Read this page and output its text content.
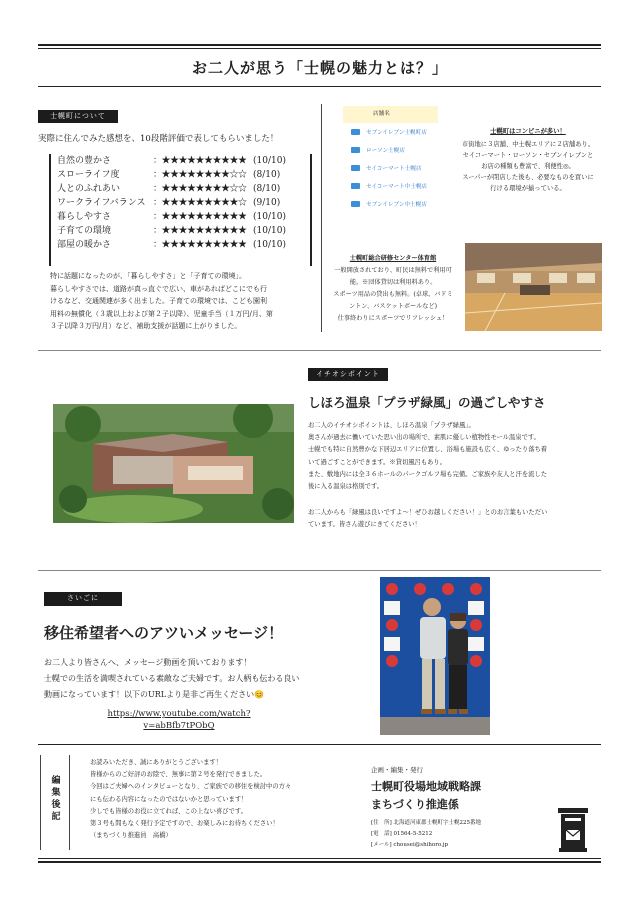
お二人が思う「士幌の魅力とは？」
士幌町について
実際に住んでみた感想を、10段階評価で表してもらいました！
自然の豊かさ	：★★★★★★★★★★ (10/10)
スローライフ度	：★★★★★★★★☆☆ (8/10)
人とのふれあい	：★★★★★★★★☆☆ (8/10)
ワークライフバランス ：★★★★★★★★★☆ (9/10)
暮らしやすさ	：★★★★★★★★★★ (10/10)
子育ての環境	：★★★★★★★★★★ (10/10)
部屋の暖かさ	：★★★★★★★★★★ (10/10)
特に話題になったのが、「暮らしやすさ」と「子育ての環境」。
暮らしやすさでは、道路が真っ直ぐで広い、車があればどこにでも行
けるなど、交通関連が多く出ました。子育ての環境では、こども園利
用料の無償化（３歳以上および第２子以降）、児童手当（１万円/月、第
３子以降３万円/月）など、補助支援が話題に上がりました。
店舗名
セブンイレブン士幌町店
ローソン士幌店
セイコーマート士幌店
セイコーマート中士幌店
セブンイレブン中士幌店
士幌町はコンビニが多い！
市街地に３店舗、中士幌エリアに２店舗あり。
セイコーマート・ローソン・セブンイレブンと
お店の種類も豊富で、利便性◎。
スーパーが閉店した後も、必要なものを買いに
行ける環境が揃っている。
士幌町総合研修センター体育館
一般開放されており、町民は無料で利用可
能。※団体貸切は利用料あり。
スポーツ用品の貸出も無料。(卓球、バドミ
ントン、バスケットボールなど)
仕事終わりにスポーツでリフレッシュ！
イチオシポイント
しほろ温泉「プラザ緑風」の過ごしやすさ
お二人のイチオシポイントは、しほろ温泉「プラザ緑風」。
奥さんが過去に働いていた思い出の場所で、素肌に優しい植物性モール温泉です。
士幌でも特に自然豊かな下居辺エリアに位置し、浴場も施設も広く、ゆったり落ち着
いて過ごすことができます。※貸切風呂もあり。
また、敷地内には全３６ホールのパークゴルフ場も完備。ご家族や友人と汗を流した
後に入る温泉は格別です。
お二人からも「緑風は良いですよ～！ぜひお越しください！」とのお言葉もいただい
ています。皆さん遊びにきてください！
さいごに
移住希望者へのアツいメッセージ！
お二人より皆さんへ、メッセージ動画を頂いております！
士幌での生活を満喫されている素敵なご夫婦です。お人柄も伝わる良い
動画になっています！以下のURLより是非ご再生ください😊
https://www.youtube.com/watch?
v=abBfb7tPObQ
編集後記
お読みいただき、誠にありがとうございます！
皆様からのご好評のお陰で、無事に第２号を発行できました。
今回はご夫婦へのインタビューとなり、ご家族での移住を検討中の方々
にも伝わる内容になったのではないかと思っています！
少しでも皆様のお役に立てれば、この上ない喜びです。
第３号も間もなく発行予定ですので、お楽しみにお待ちください！
（まちづくり推進員　高橋）
企画・編集・発行
士幌町役場地域戦略課
まちづくり推進係
[住　所] 北海道河東郡士幌町字士幌225番地
[電　話] 01564-5-5212
[メール] chousei@shihoro.jp
